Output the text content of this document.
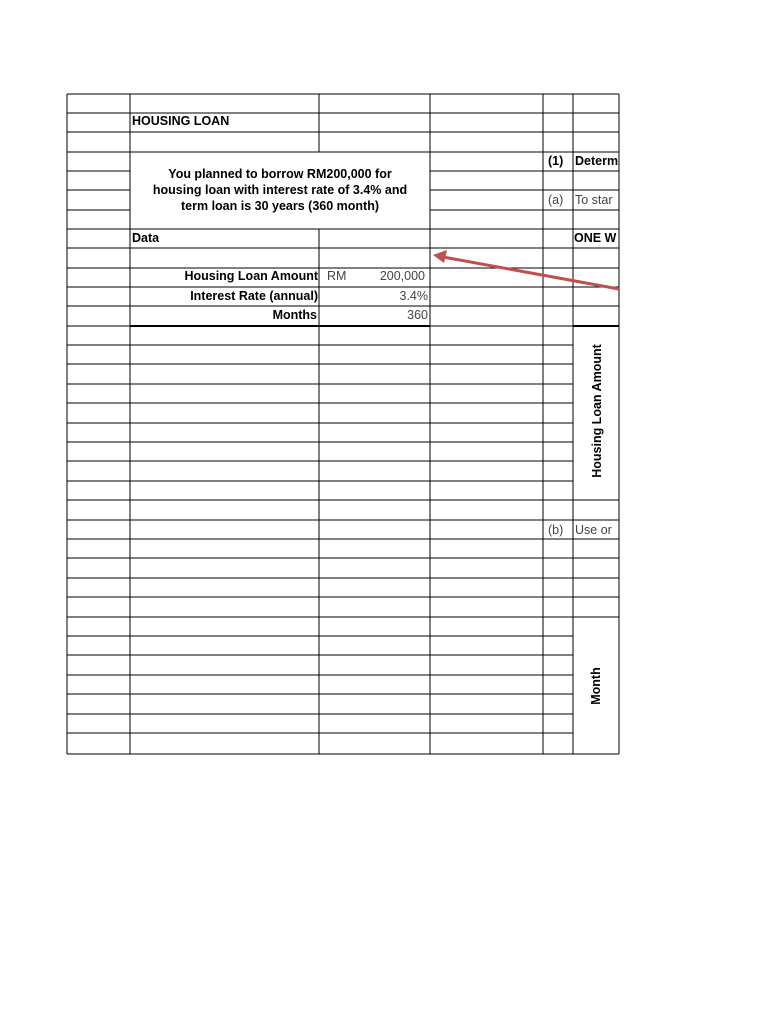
HOUSING LOAN
You planned to borrow RM200,000 for
housing loan with interest rate of 3.4% and
term loan is 30 years (360 month)
Data
Housing Loan Amount RM	200,000
Interest Rate (annual)	3.4%
Months	360
(1) Determ
(a) To star
ONE W
Housing Loan Amount
(b) Use or
Month
